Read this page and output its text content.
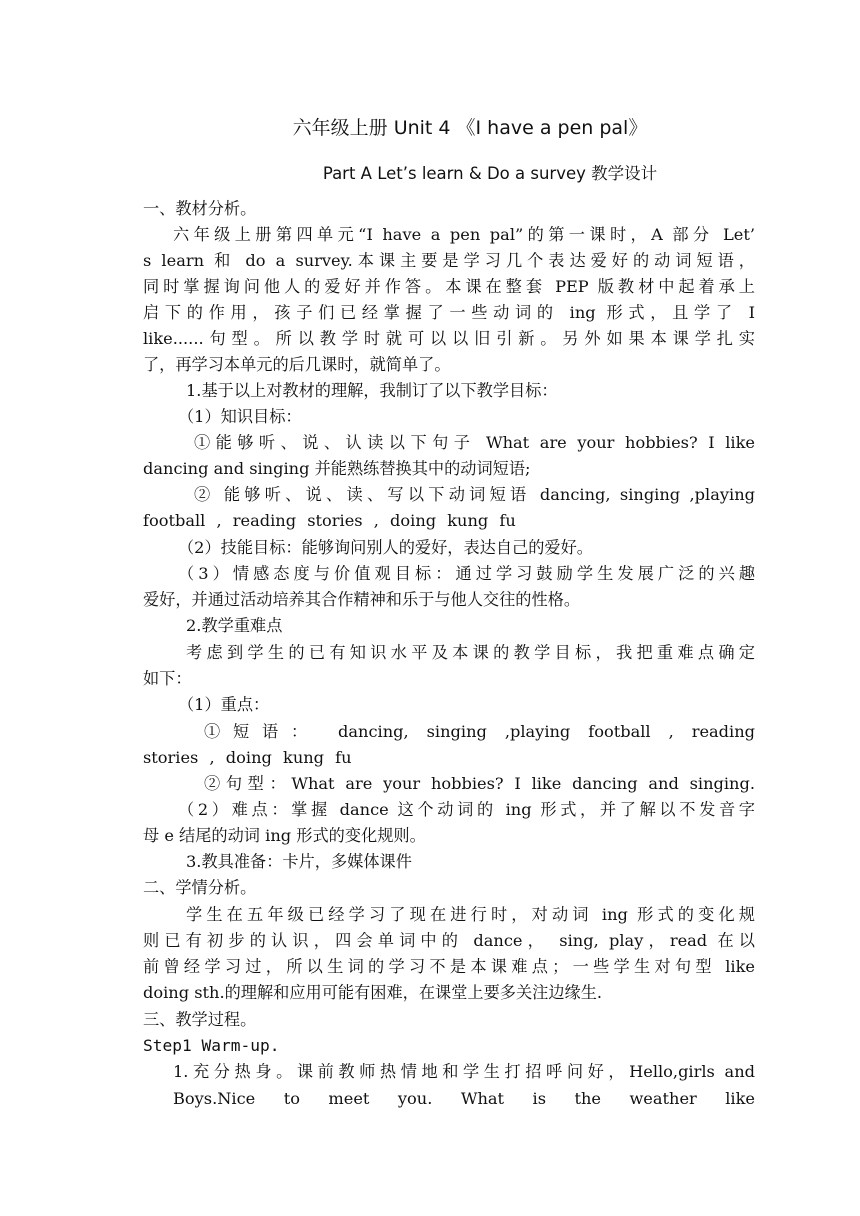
六年级上册 Unit 4 《I have a pen pal》
Part A Let’s learn & Do a survey 教学设计
一、教材分析。
六年级上册第四单元“I have a pen pal”的第一课时，A 部分 Let’
s learn 和 do a survey.本课主要是学习几个表达爱好的动词短语，
同时掌握询问他人的爱好并作答。本课在整套 PEP 版教材中起着承上
启下的作用，孩子们已经掌握了一些动词的 ing 形式，且学了 I
like......句型。所以教学时就可以以旧引新。另外如果本课学扎实
了，再学习本单元的后几课时，就简单了。
1.基于以上对教材的理解，我制订了以下教学目标：
（1）知识目标：
①能够听、说、认读以下句子 What are your hobbies? I like
dancing and singing 并能熟练替换其中的动词短语;
② 能够听、说、读、写以下动词短语 dancing, singing ,playing
football , reading stories , doing kung fu
（2）技能目标：能够询问别人的爱好，表达自己的爱好。
（3）情感态度与价值观目标：通过学习鼓励学生发展广泛的兴趣
爱好，并通过活动培养其合作精神和乐于与他人交往的性格。
2.教学重难点
考虑到学生的已有知识水平及本课的教学目标，我把重难点确定
如下：
（1）重点：
①短语： dancing, singing ,playing football , reading
stories , doing kung fu
②句型：What are your hobbies? I like dancing and singing.
（2）难点：掌握 dance 这个动词的 ing 形式，并了解以不发音字
母 e 结尾的动词 ing 形式的变化规则。
3.教具准备：卡片，多媒体课件
二、学情分析。
学生在五年级已经学习了现在进行时，对动词 ing 形式的变化规
则已有初步的认识，四会单词中的 dance， sing, play，read 在以
前曾经学习过，所以生词的学习不是本课难点；一些学生对句型 like
doing sth.的理解和应用可能有困难，在课堂上要多关注边缘生.
三、教学过程。
Step1 Warm-up.
1.充分热身。课前教师热情地和学生打招呼问好，Hello,girls and
Boys.Nice to meet you. What is the weather like
